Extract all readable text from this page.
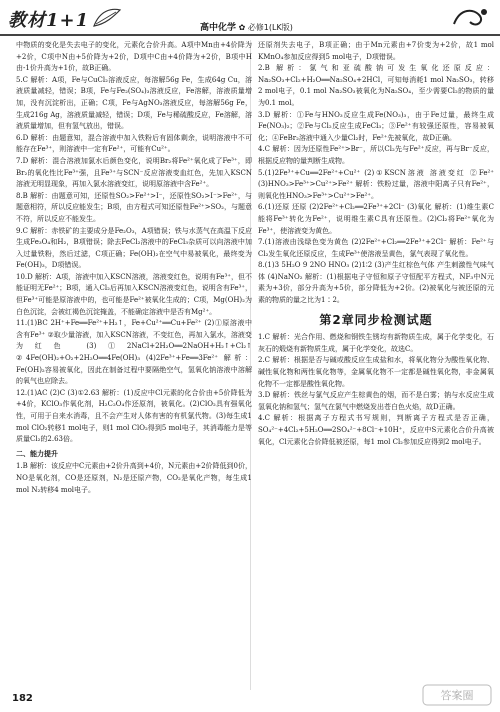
教材1+1	高中化学 ✿ 必修1(LK版)

中物质的变化是失去电子的变化，元素化合价升高。A项中Mn由+4价降为+2价，C项中N由+5价降为+2价，D项中C由+4价降为+2价，B项中H由-1价升高为+1价，故B正确。

5.C 解析：A项，Fe与CuCl₂溶液反应，每溶解56g Fe，生成64g Cu，溶液质量减轻，错误；B项，Fe与Fe₂(SO₄)₃溶液反应，Fe溶解，溶液质量增加，没有沉淀析出，正确；C项，Fe与AgNO₃溶液反应，每溶解56g Fe，生成216g Ag，溶液质量减轻，错误；D项，Fe与稀硫酸反应，Fe溶解，溶液质量增加，但有氢气放出，错误。

6.D 解析：由题意知，混合溶液中加入铁粉后有固体剩余，说明溶液中不可能存在Fe³⁺，则溶液中一定有Fe²⁺，可能有Cu²⁺。

7.D 解析：混合溶液加氯水后颜色变化，说明Br₂将Fe²⁺氧化成了Fe³⁺，即Br₂的氧化性比Fe³⁺强，且Fe³⁺与SCN⁻反应溶液变血红色，先加入KSCN溶液无明显现象，再加入氯水溶液变红，说明原溶液中含Fe²⁺。

8.B 解析：由题意可知，还原性SO₂>Fe²⁺>I⁻，还原性SO₂>I⁻>Fe²⁺，与题意相符，所以反应能发生；B项，由方程式可知还原性Fe²⁺>SO₂，与题意不符，所以反应不能发生。

9.C 解析：赤铁矿的主要成分是Fe₂O₃，A项错误；铁与水蒸气在高温下反应生成Fe₃O₄和H₂，B项错误；除去FeCl₂溶液中的FeCl₃杂质可以向溶液中加入过量铁粉，然后过滤，C项正确；Fe(OH)₂在空气中易被氧化，最终变为Fe(OH)₃，D项错误。

10.D 解析：A项，溶液中加入KSCN溶液，溶液变红色，说明有Fe³⁺，但不能证明无Fe²⁺；B项，通入Cl₂后再加入KSCN溶液变红色，说明含有Fe³⁺，但Fe³⁺可能是原溶液中的，也可能是Fe²⁺被氧化生成的；C项，Mg(OH)₂为白色沉淀，会被红褐色沉淀掩盖，不能确定溶液中是否有Mg²⁺。

11.(1)BC 2H⁺+Fe══Fe²⁺+H₂↑，Fe+Cu²⁺══Cu+Fe²⁺ (2)①原溶液中含有Fe³⁺ ②取少量溶液，加入KSCN溶液，不变红色，再加入氯水，溶液变为红色 (3)①2NaCl+2H₂O══2NaOH+H₂↑+Cl₂↑ ②4Fe(OH)₂+O₂+2H₂O══4Fe(OH)₃ (4)2Fe³⁺+Fe══3Fe²⁺ 解析：Fe(OH)₂容易被氧化，因此在制备过程中要隔绝空气，氢氧化钠溶液中溶解的氧气也应除去。

12.(1)AC (2)C (3)①2.63 解析：(1)反应中Cl元素的化合价由+5价降低为+4价，KClO₃作氧化剂，H₂C₂O₄作还原剂，被氧化。(2)ClO₂具有强氧化性，可用于自来水消毒，且不会产生对人体有害的有机氯代物。(3)每生成1 mol ClO₂转移1 mol电子，则1 mol ClO₂得到5 mol电子，其消毒能力是等质量Cl₂的2.63倍。

二、能力提升

1.B 解析：该反应中C元素由+2价升高到+4价，N元素由+2价降低到0价，NO是氧化剂，CO是还原剂，N₂是还原产物，CO₂是氧化产物，每生成1 mol N₂转移4 mol电子。

还原剂失去电子，B项正确；由于Mn元素由+7价变为+2价，故1 mol KMnO₄参加反应得到5 mol电子，D项错误。

2.B 解析：氯气和亚硫酸钠可发生氧化还原反应：Na₂SO₃+Cl₂+H₂O══Na₂SO₄+2HCl，可知每消耗1 mol Na₂SO₃，转移2 mol电子，0.1 mol Na₂SO₃被氧化为Na₂SO₄，至少需要Cl₂的物质的量为0.1 mol。

3.D 解析：①Fe与HNO₃反应生成Fe(NO₃)₃，由于Fe过量，最终生成Fe(NO₃)₂；②Fe与Cl₂反应生成FeCl₃；③Fe²⁺有较强还原性，容易被氧化；④FeBr₂溶液中通入少量Cl₂时，Fe²⁺先被氧化，故D正确。

4.C 解析：因为还原性Fe²⁺>Br⁻，所以Cl₂先与Fe²⁺反应，再与Br⁻反应，根据反应物的量判断生成物。

5.(1)2Fe³⁺+Cu══2Fe²⁺+Cu²⁺ (2)①KSCN溶液 溶液变红 ②Fe²⁺ (3)HNO₃>Fe³⁺>Cu²⁺>Fe²⁺ 解析：铁粉过量，溶液中阳离子只有Fe²⁺，则氧化性HNO₃>Fe³⁺>Cu²⁺>Fe²⁺。

6.(1)还原 还原 (2)2Fe²⁺+Cl₂══2Fe³⁺+2Cl⁻ (3)氧化 解析：(1)维生素C能将Fe³⁺转化为Fe²⁺，说明维生素C具有还原性。(2)Cl₂将Fe²⁺氧化为Fe³⁺，使溶液变为黄色。

7.(1)溶液由浅绿色变为黄色 (2)2Fe²⁺+Cl₂══2Fe³⁺+2Cl⁻ 解析：Fe²⁺与Cl₂发生氧化还原反应，生成Fe³⁺使溶液呈黄色，氯气表现了氧化性。

8.(1)3 5H₂O 9 2NO HNO₃ (2)1∶2 (3)产生红棕色气体 产生刺激性气味气体 (4)NaNO₂ 解析：(1)根据电子守恒和原子守恒配平方程式，NF₃中N元素为+3价，部分升高为+5价，部分降低为+2价。(2)被氧化与被还原的元素的物质的量之比为1∶2。

第2章同步检测试题

1.C 解析：光合作用、燃烧和钢铁生锈均有新物质生成，属于化学变化，石灰石的煅烧有新物质生成，属于化学变化，故选C。

2.C 解析：根据是否与碱或酸反应生成盐和水，将氧化物分为酸性氧化物、碱性氧化物和两性氧化物等，金属氧化物不一定都是碱性氧化物，非金属氧化物不一定都是酸性氧化物。

3.D 解析：铁丝与氯气反应产生棕黄色的烟，而不是白雾；钠与水反应生成氢氧化钠和氢气；氢气在氯气中燃烧发出苍白色火焰，故D正确。

4.C 解析：根据离子方程式书写规则，判断离子方程式是否正确，SO₄²⁻+4Cl₂+5H₂O══2SO₄²⁻+8Cl⁻+10H⁺，反应中S元素化合价升高被氧化，Cl元素化合价降低被还原，每1 mol Cl₂参加反应得到2 mol电子。

182	答案圈
